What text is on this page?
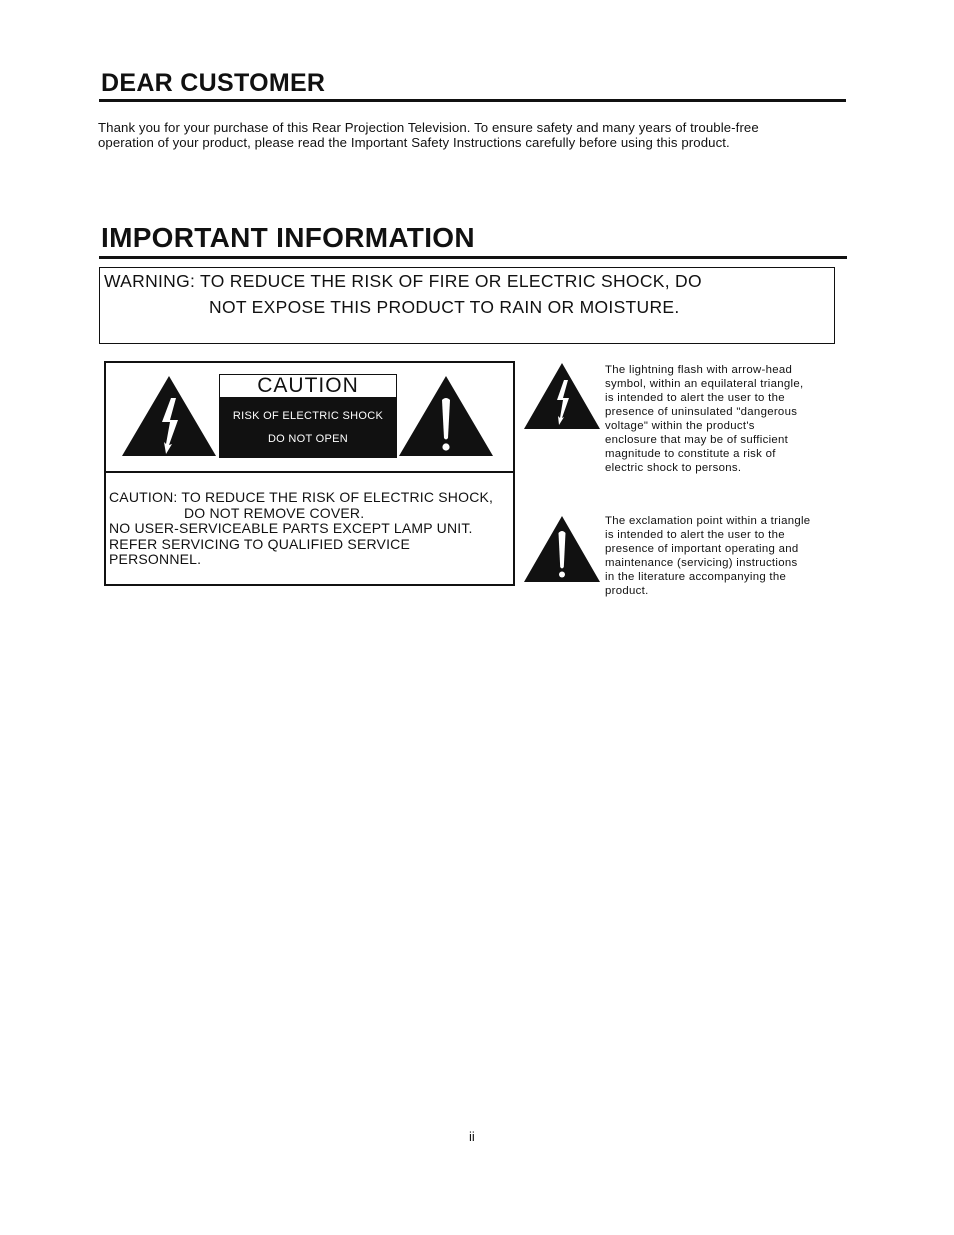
DEAR CUSTOMER
Thank you for your purchase of this Rear Projection Television. To ensure safety and many years of trouble-free
operation of your product, please read the Important Safety Instructions carefully before using this product.
IMPORTANT INFORMATION
WARNING: TO REDUCE THE RISK OF FIRE OR ELECTRIC SHOCK, DO
NOT EXPOSE THIS PRODUCT TO RAIN OR MOISTURE.
CAUTION
RISK OF ELECTRIC SHOCK
DO NOT OPEN
CAUTION: TO REDUCE THE RISK OF ELECTRIC SHOCK,
DO NOT REMOVE COVER.
NO USER-SERVICEABLE PARTS EXCEPT LAMP UNIT.
REFER SERVICING TO QUALIFIED SERVICE
PERSONNEL.
The lightning flash with arrow-head
symbol, within an equilateral triangle,
is intended to alert the user to the
presence of uninsulated "dangerous
voltage" within the product's
enclosure that may be of sufficient
magnitude to constitute a risk of
electric shock to persons.
The exclamation point within a triangle
is intended to alert the user to the
presence of important operating and
maintenance (servicing) instructions
in the literature accompanying the
product.
ii
